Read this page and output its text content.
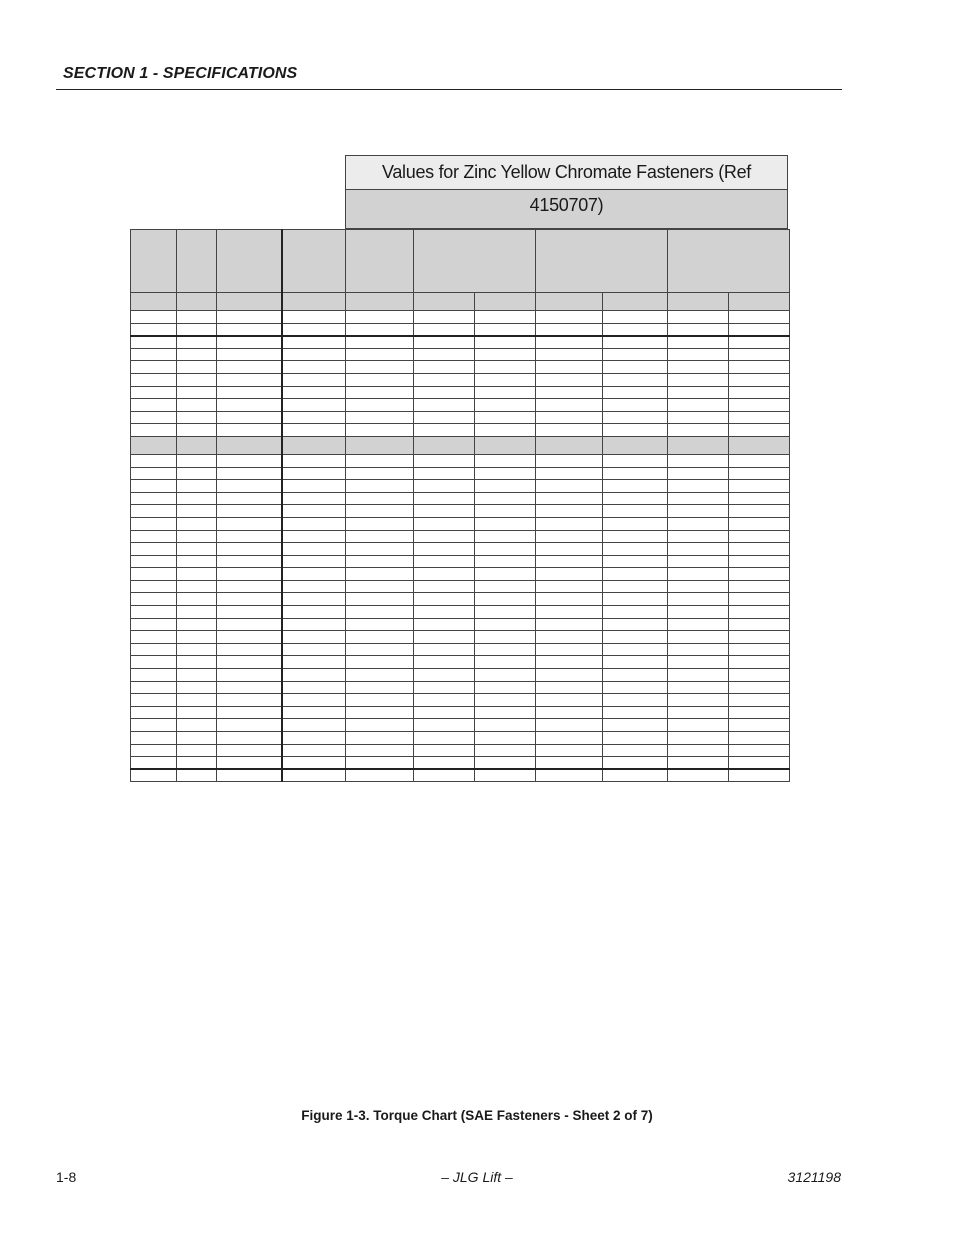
SECTION 1 - SPECIFICATIONS
Values for Zinc Yellow Chromate Fasteners (Ref 4150707)

Figure 1-3. Torque Chart (SAE Fasteners - Sheet 2 of 7)
1-8	– JLG Lift –	3121198
